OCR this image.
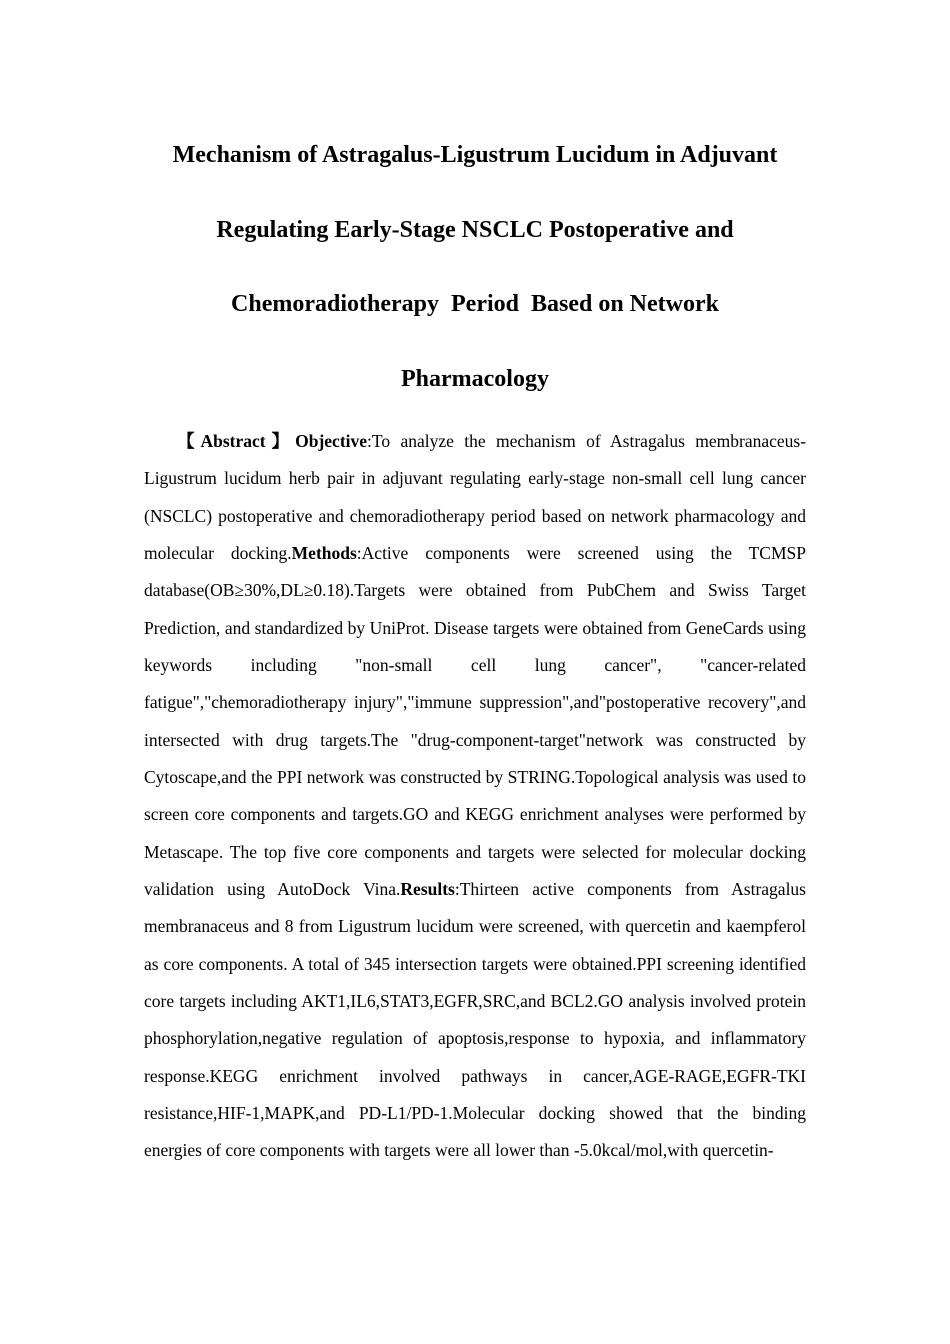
Mechanism of Astragalus-Ligustrum Lucidum in Adjuvant
Regulating Early-Stage NSCLC Postoperative and
Chemoradiotherapy  Period  Based on Network
Pharmacology

【Abstract】Objective:To analyze the mechanism of Astragalus membranaceus-Ligustrum lucidum herb pair in adjuvant regulating early-stage non-small cell lung cancer (NSCLC) postoperative and chemoradiotherapy period based on network pharmacology and molecular docking.Methods:Active components were screened using the TCMSP database(OB≥30%,DL≥0.18).Targets were obtained from PubChem and Swiss Target Prediction, and standardized by UniProt. Disease targets were obtained from GeneCards using keywords including "non-small cell lung cancer", "cancer-related fatigue","chemoradiotherapy injury","immune suppression",and"postoperative recovery",and intersected with drug targets.The "drug-component-target"network was constructed by Cytoscape,and the PPI network was constructed by STRING.Topological analysis was used to screen core components and targets.GO and KEGG enrichment analyses were performed by Metascape. The top five core components and targets were selected for molecular docking validation using AutoDock Vina.Results:Thirteen active components from Astragalus membranaceus and 8 from Ligustrum lucidum were screened, with quercetin and kaempferol as core components. A total of 345 intersection targets were obtained.PPI screening identified core targets including AKT1,IL6,STAT3,EGFR,SRC,and BCL2.GO analysis involved protein phosphorylation,negative regulation of apoptosis,response to hypoxia, and inflammatory response.KEGG enrichment involved pathways in cancer,AGE-RAGE,EGFR-TKI resistance,HIF-1,MAPK,and PD-L1/PD-1.Molecular docking showed that the binding energies of core components with targets were all lower than -5.0kcal/mol,with quercetin-
